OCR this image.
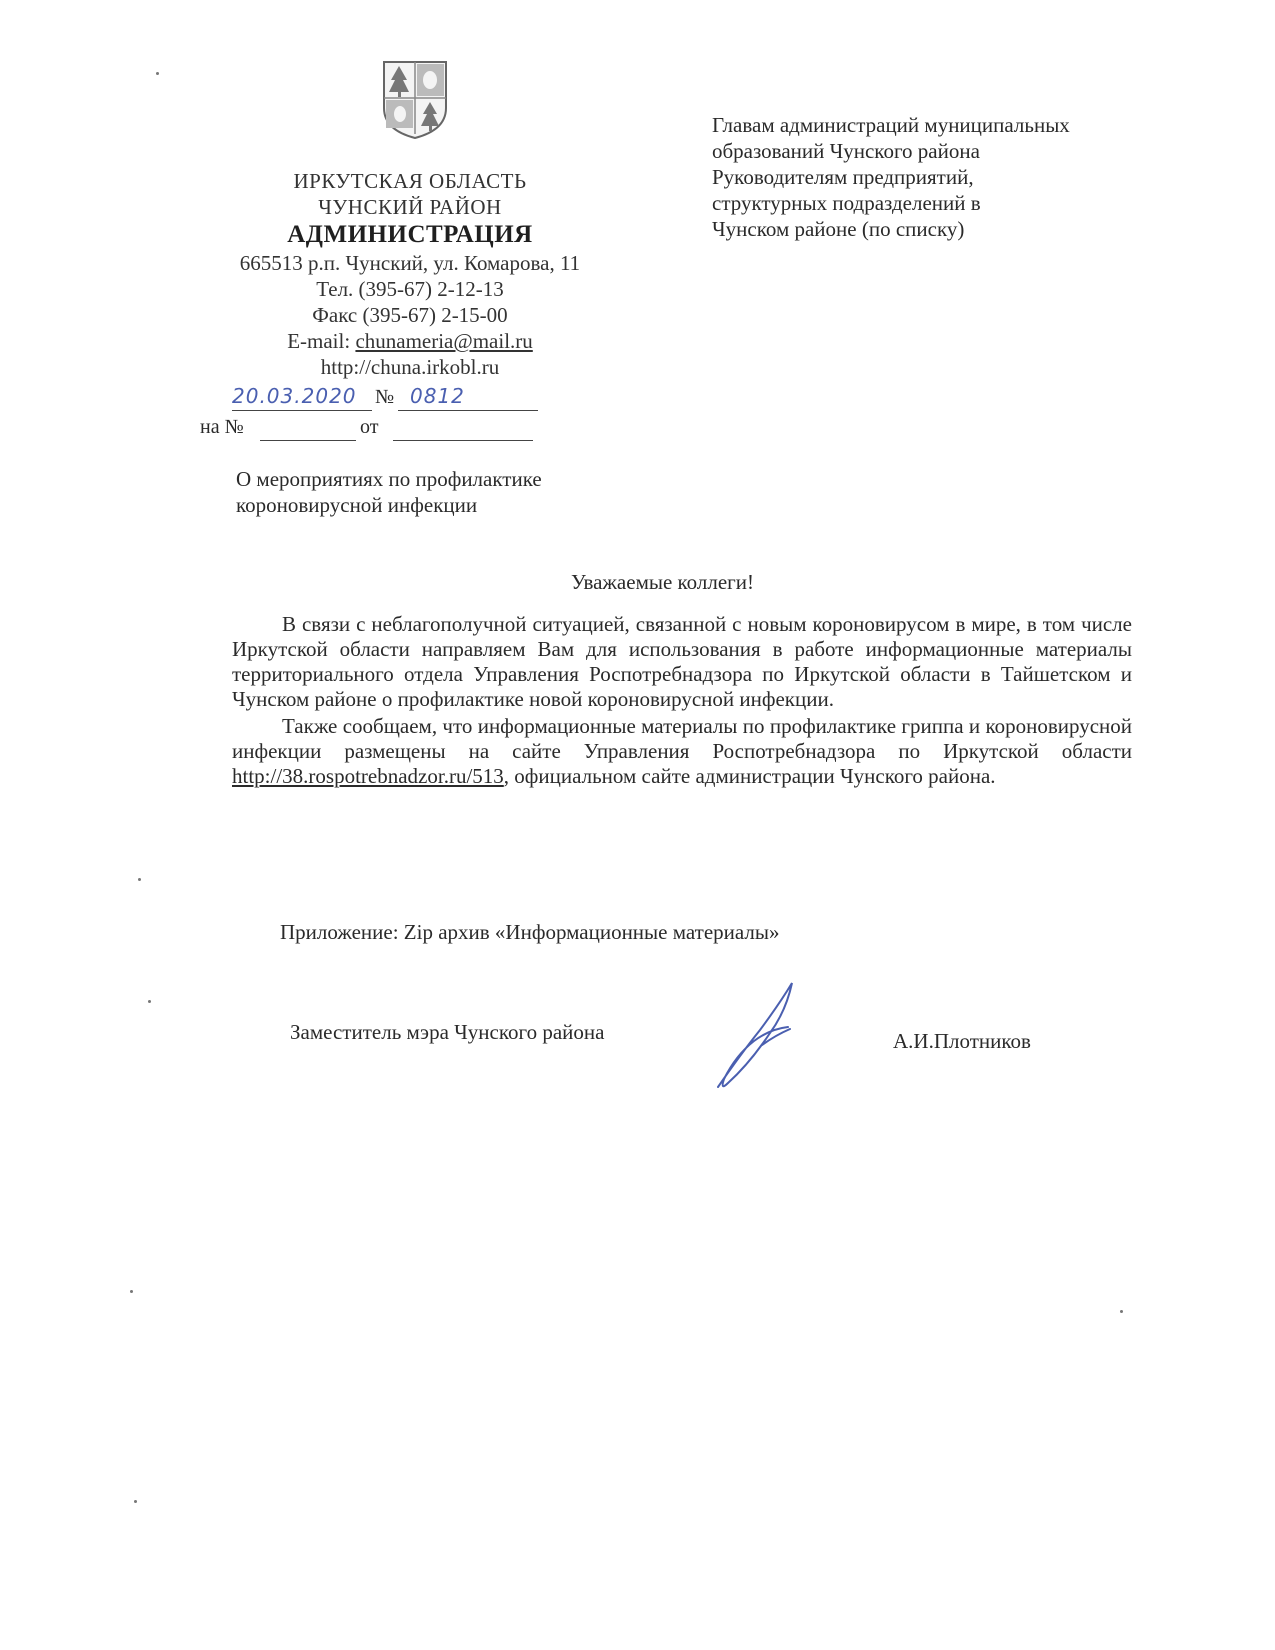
ИРКУТСКАЯ ОБЛАСТЬ
ЧУНСКИЙ РАЙОН
АДМИНИСТРАЦИЯ
665513 р.п. Чунский, ул. Комарова, 11
Тел. (395-67) 2-12-13
Факс (395-67) 2-15-00
E-mail: chunameria@mail.ru
http://chuna.irkobl.ru
20.03.2020 № 0812
на №	от
О мероприятиях по профилактике
короновирусной инфекции
Главам администраций муниципальных
образований Чунского района
Руководителям предприятий,
структурных подразделений в
Чунском районе (по списку)
Уважаемые коллеги!

В связи с неблагополучной ситуацией, связанной с новым короновирусом в мире, в том числе Иркутской области направляем Вам для использования в работе информационные материалы территориального отдела Управления Роспотребнадзора по Иркутской области в Тайшетском и Чунском районе о профилактике новой короновирусной инфекции.

Также сообщаем, что информационные материалы по профилактике гриппа и короновирусной инфекции размещены на сайте Управления Роспотребнадзора по Иркутской области http://38.rospotrebnadzor.ru/513, официальном сайте администрации Чунского района.

Приложение: Zip архив «Информационные материалы»
Заместитель мэра Чунского района	А.И.Плотников
